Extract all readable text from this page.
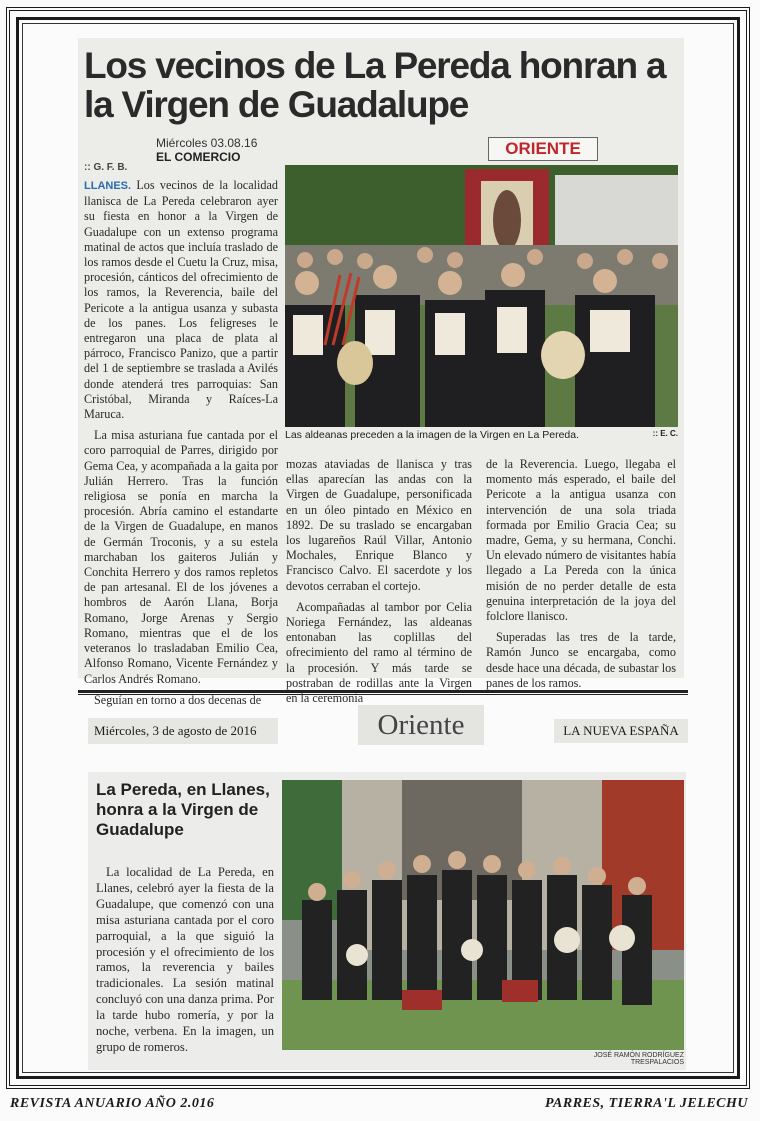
Los vecinos de La Pereda honran a la Virgen de Guadalupe
Miércoles 03.08.16
EL COMERCIO	ORIENTE
:: G. F. B.

LLANES. Los vecinos de la localidad llanisca de La Pereda celebraron ayer su fiesta en honor a la Virgen de Guadalupe con un extenso programa matinal de actos que incluía traslado de los ramos desde el Cuetu la Cruz, misa, procesión, cánticos del ofrecimiento de los ramos, la Reverencia, baile del Pericote a la antigua usanza y subasta de los panes. Los feligreses le entregaron una placa de plata al párroco, Francisco Panizo, que a partir del 1 de septiembre se traslada a Avilés donde atenderá tres parroquias: San Cristóbal, Miranda y Raíces-La Maruca.

La misa asturiana fue cantada por el coro parroquial de Parres, dirigido por Gema Cea, y acompañada a la gaita por Julián Herrero. Tras la función religiosa se ponía en marcha la procesión. Abría camino el estandarte de la Virgen de Guadalupe, en manos de Germán Troconis, y a su estela marchaban los gaiteros Julián y Conchita Herrero y dos ramos repletos de pan artesanal. El de los jóvenes a hombros de Aarón Llana, Borja Romano, Jorge Arenas y Sergio Romano, mientras que el de los veteranos lo trasladaban Emilio Cea, Alfonso Romano, Vicente Fernández y Carlos Andrés Romano.

Seguían en torno a dos decenas de

Las aldeanas preceden a la imagen de la Virgen en La Pereda.	:: E. C.

mozas ataviadas de llanisca y tras ellas aparecían las andas con la Virgen de Guadalupe, personificada en un óleo pintado en México en 1892. De su traslado se encargaban los lugareños Raúl Villar, Antonio Mochales, Enrique Blanco y Francisco Calvo. El sacerdote y los devotos cerraban el cortejo.

Acompañadas al tambor por Celia Noriega Fernández, las aldeanas entonaban las coplillas del ofrecimiento del ramo al término de la procesión. Y más tarde se postraban de rodillas ante la Virgen en la ceremonia

de la Reverencia. Luego, llegaba el momento más esperado, el baile del Pericote a la antigua usanza con intervención de una sola triada formada por Emilio Gracia Cea; su madre, Gema, y su hermana, Conchi. Un elevado número de visitantes había llegado a La Pereda con la única misión de no perder detalle de esta genuina interpretación de la joya del folclore llanisco.

Superadas las tres de la tarde, Ramón Junco se encargaba, como desde hace una década, de subastar los panes de los ramos.

Miércoles, 3 de agosto de 2016	Oriente	LA NUEVA ESPAÑA
La Pereda, en Llanes, honra a la Virgen de Guadalupe

La localidad de La Pereda, en Llanes, celebró ayer la fiesta de la Guadalupe, que comenzó con una misa asturiana cantada por el coro parroquial, a la que siguió la procesión y el ofrecimiento de los ramos, la reverencia y bailes tradicionales. La sesión matinal concluyó con una danza prima. Por la tarde hubo romería, y por la noche, verbena. En la imagen, un grupo de romeros.

JOSÉ RAMÓN RODRÍGUEZ TRESPALACIOS
REVISTA ANUARIO AÑO 2.016	PARRES, TIERRA'L JELECHU
